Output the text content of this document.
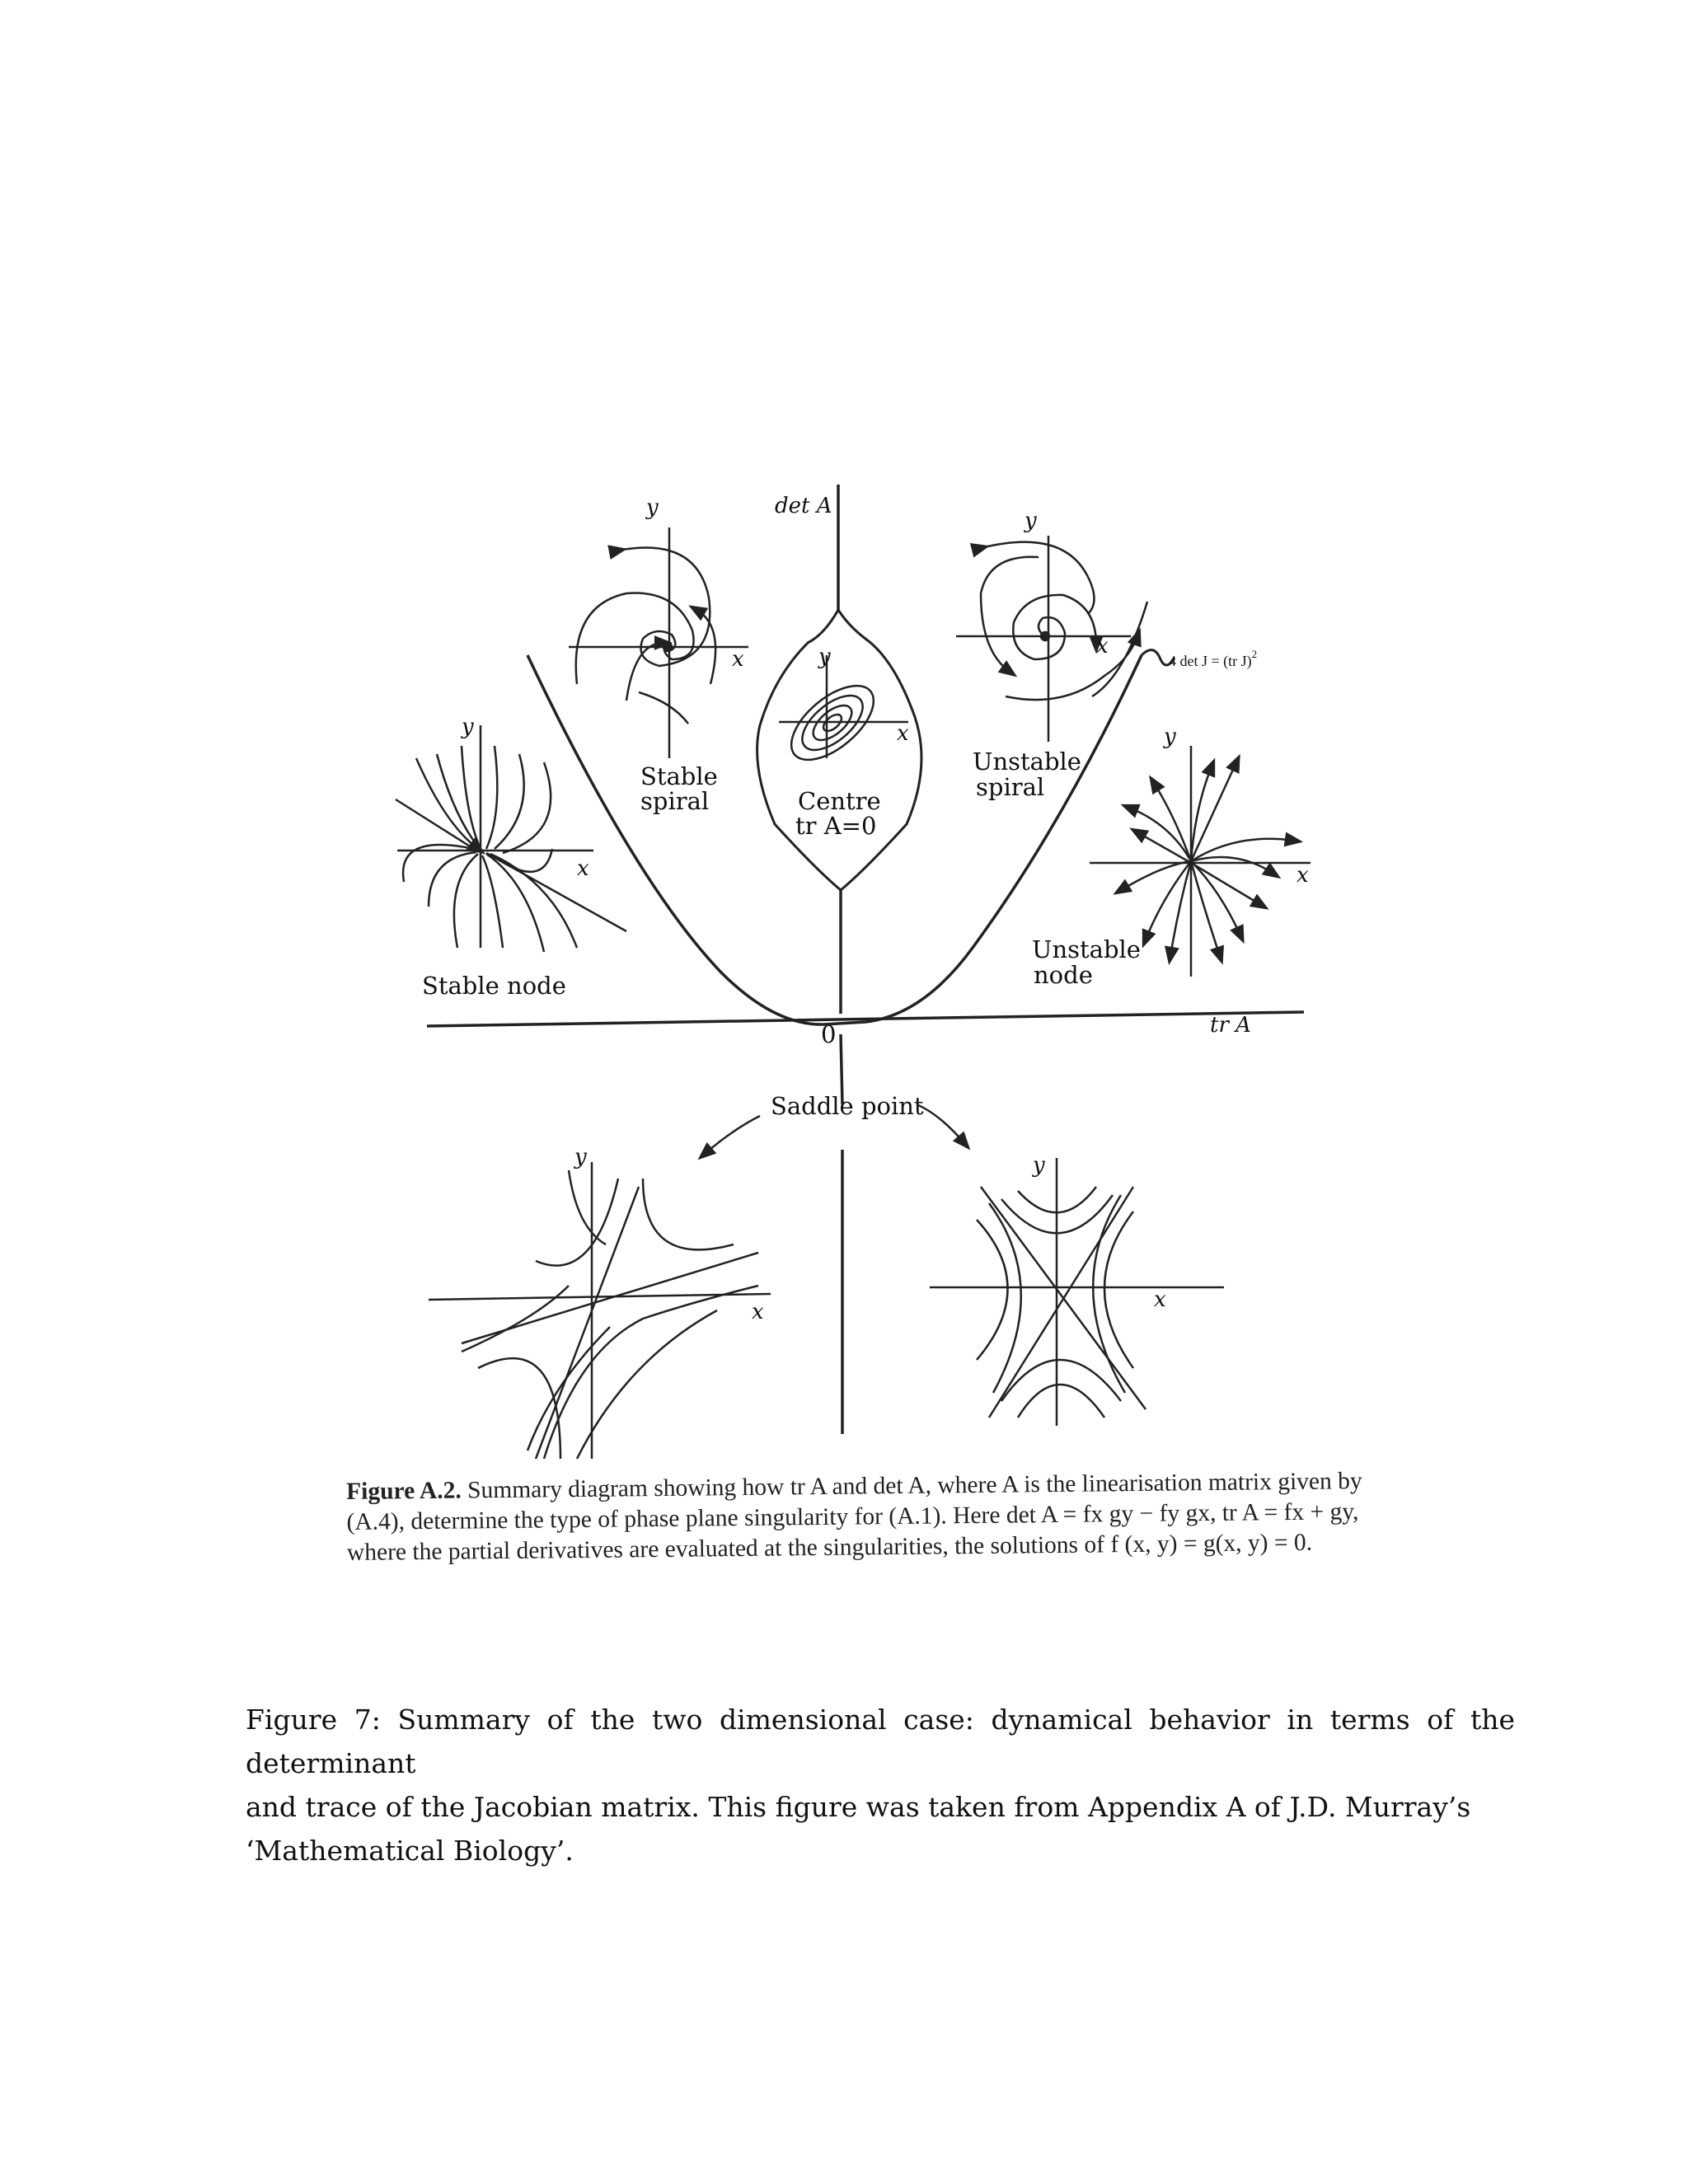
det A
tr A
0
4 det J = (tr J)$^2$
y
x
Centre
tr A=0
y
x
Stable
spiral
y
x
Unstable
spiral
y
x
Stable node
y
x
Unstable
node
Saddle point
y
x
y
x

Figure A.2. Summary diagram showing how tr A and det A, where A is the linearisation matrix given by

(A.4), determine the type of phase plane singularity for (A.1). Here det A = fx gy − fy gx, tr A = fx + gy,

where the partial derivatives are evaluated at the singularities, the solutions of f (x, y) = g(x, y) = 0.

Figure 7: Summary of the two dimensional case: dynamical behavior in terms of the determinant

and trace of the Jacobian matrix. This figure was taken from Appendix A of J.D. Murray’s

‘Mathematical Biology’.
